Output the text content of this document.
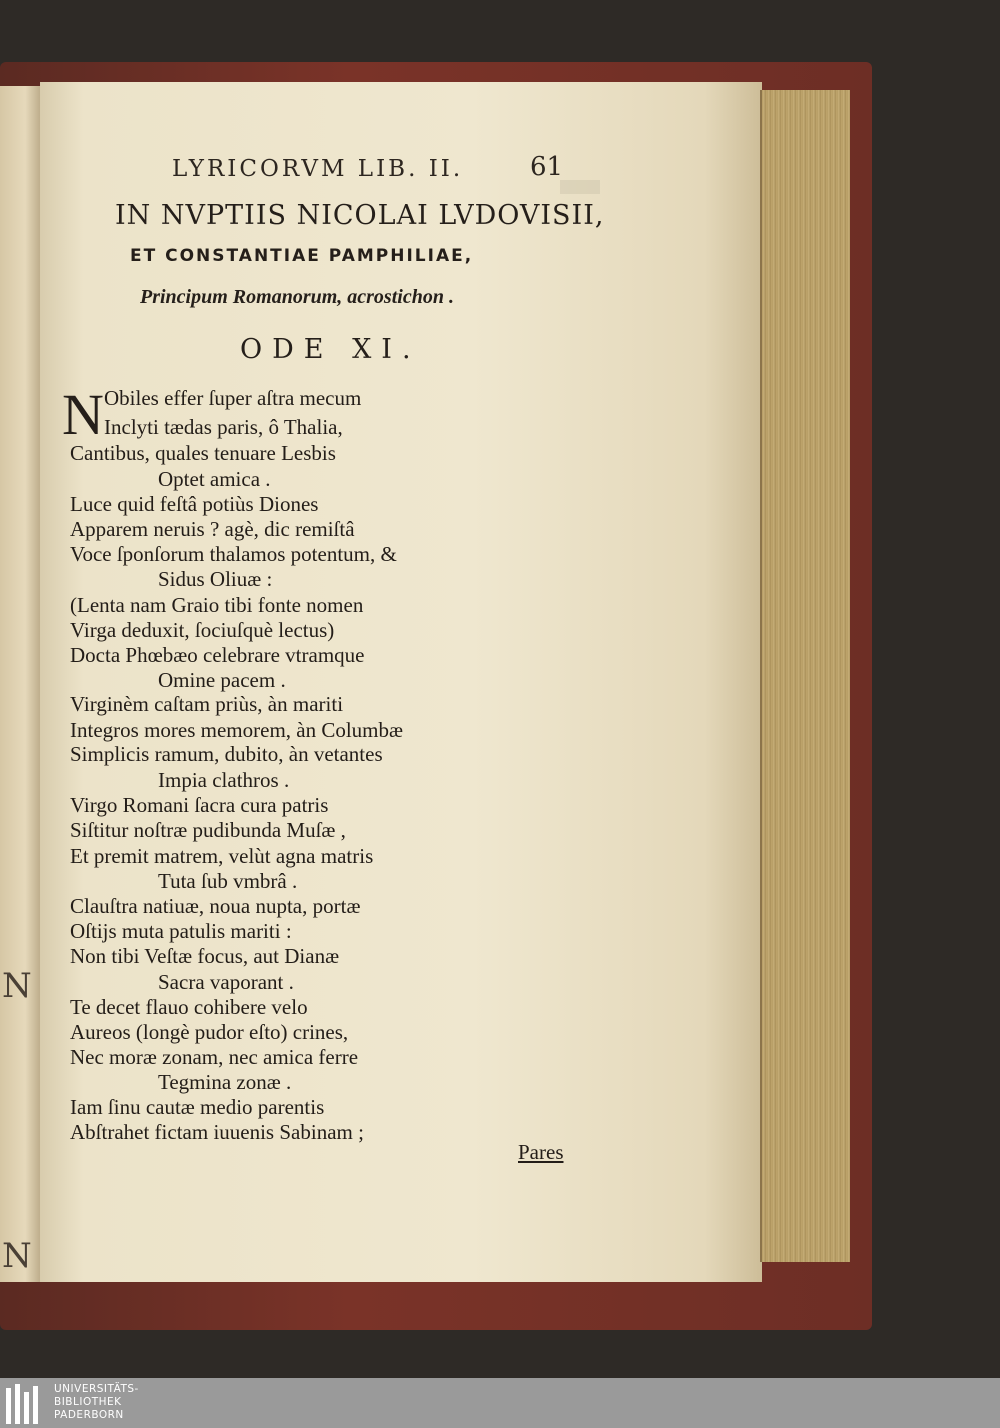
N
N
LYRICORVM LIB. II.	61
IN NVPTIIS NICOLAI LVDOVISII,
ET CONSTANTIAE PAMPHILIAE,
Principum Romanorum, acrostichon .
ODE XI.
N Obiles effer ſuper aſtra mecum
Inclyti tædas paris, ô Thalia,
Cantibus, quales tenuare Lesbis
Optet amica .
Luce quid feſtâ potiùs Diones
Apparem neruis ? agè, dic remiſtâ
Voce ſponſorum thalamos potentum, &
Sidus Oliuæ :
(Lenta nam Graio tibi fonte nomen
Virga deduxit, ſociuſquè lectus)
Docta Phœbæo celebrare vtramque
Omine pacem .
Virginèm caſtam priùs, àn mariti
Integros mores memorem, àn Columbæ
Simplicis ramum, dubito, àn vetantes
Impia clathros .
Virgo Romani ſacra cura patris
Siſtitur noſtræ pudibunda Muſæ ,
Et premit matrem, velùt agna matris
Tuta ſub vmbrâ .
Clauſtra natiuæ, noua nupta, portæ
Oſtijs muta patulis mariti :
Non tibi Veſtæ focus, aut Dianæ
Sacra vaporant .
Te decet flauo cohibere velo
Aureos (longè pudor eſto) crines,
Nec moræ zonam, nec amica ferre
Tegmina zonæ .
Iam ſinu cautæ medio parentis
Abſtrahet fictam iuuenis Sabinam ;
Pares
UNIVERSITÄTS-
BIBLIOTHEK
PADERBORN
